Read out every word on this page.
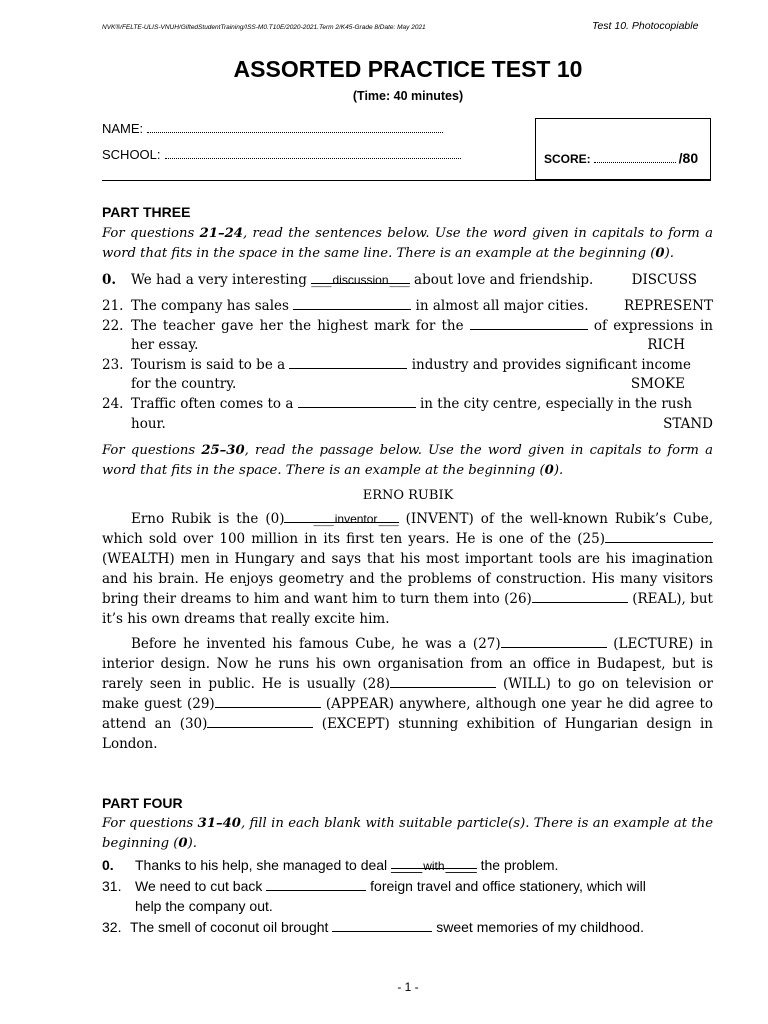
NVK®/FELTE-ULIS-VNUH/GiftedStudentTraining/ISS-M0.T10E/2020-2021.Term 2/K45-Grade 8/Date: May 2021	Test 10. Photocopiable
ASSORTED PRACTICE TEST 10
(Time: 40 minutes)
NAME:
SCHOOL:	SCORE:	/80
PART THREE
For questions 21–24, read the sentences below. Use the word given in capitals to form a word that fits in the space in the same line. There is an example at the beginning (0).
0. We had a very interesting ___discussion___ about love and friendship.	DISCUSS
21. The company has sales	in almost all major cities.	REPRESENT
22. The teacher gave her the highest mark for the	of expressions in
her essay.	RICH
23. Tourism is said to be a	industry and provides significant income
for the country.	SMOKE
24. Traffic often comes to a	in the city centre, especially in the rush
hour.	STAND
For questions 25–30, read the passage below. Use the word given in capitals to form a word that fits in the space. There is an example at the beginning (0).
ERNO RUBIK
Erno Rubik is the (0) ___inventor___ (INVENT) of the well-known Rubik’s Cube, which sold over 100 million in its first ten years. He is one of the (25) (WEALTH) men in Hungary and says that his most important tools are his imagination and his brain. He enjoys geometry and the problems of construction. His many visitors bring their dreams to him and want him to turn them into (26)	(REAL), but it’s his own dreams that really excite him.
Before he invented his famous Cube, he was a (27)	(LECTURE) in interior design. Now he runs his own organisation from an office in Budapest, but is rarely seen in public. He is usually (28)	(WILL) to go on television or make guest (29)	(APPEAR) anywhere, although one year he did agree to attend an (30)	(EXCEPT) stunning exhibition of Hungarian design in London.
PART FOUR
For questions 31–40, fill in each blank with suitable particle(s). There is an example at the beginning (0).
0. Thanks to his help, she managed to deal ____with____ the problem.
31. We need to cut back	foreign travel and office stationery, which will
help the company out.
32. The smell of coconut oil brought	sweet memories of my childhood.
- 1 -
